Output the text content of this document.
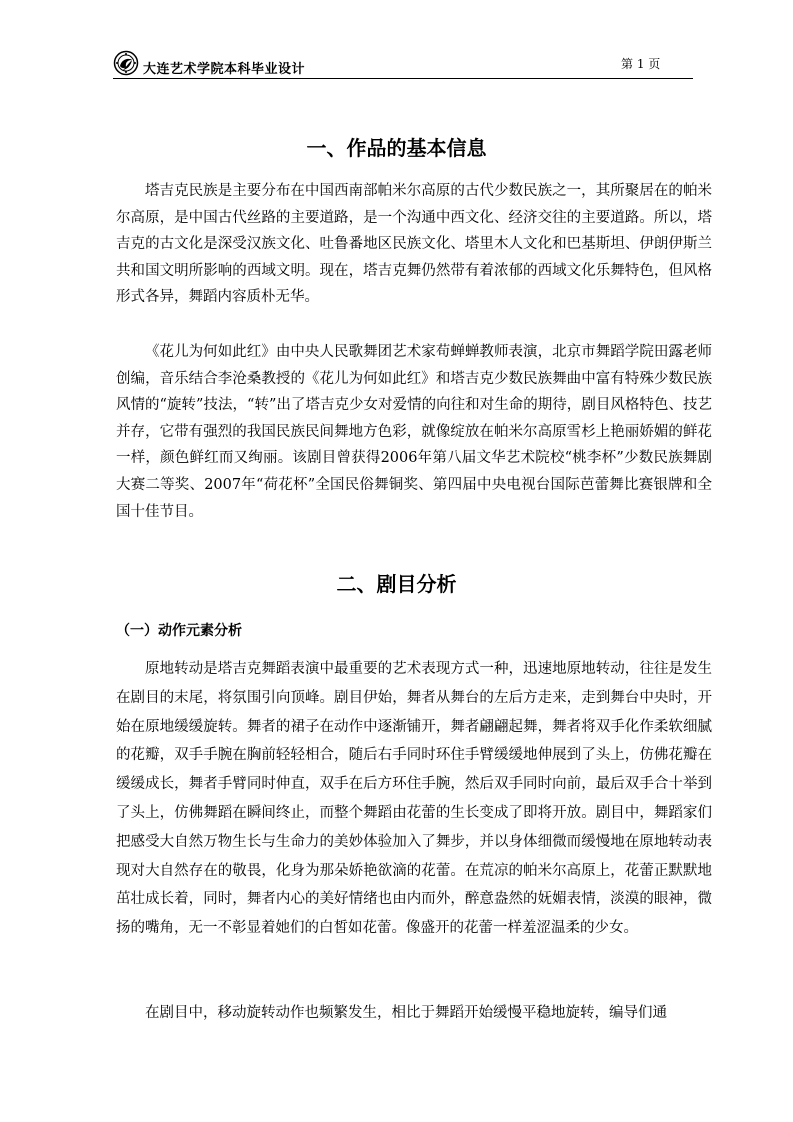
大连艺术学院本科毕业设计	第 1 页
一、作品的基本信息

塔吉克民族是主要分布在中国西南部帕米尔高原的古代少数民族之一，其所聚居在的帕米尔高原，是中国古代丝路的主要道路，是一个沟通中西文化、经济交往的主要道路。所以，塔吉克的古文化是深受汉族文化、吐鲁番地区民族文化、塔里木人文化和巴基斯坦、伊朗伊斯兰共和国文明所影响的西域文明。现在，塔吉克舞仍然带有着浓郁的西域文化乐舞特色，但风格形式各异，舞蹈内容质朴无华。

《花儿为何如此红》由中央人民歌舞团艺术家苟蝉蝉教师表演，北京市舞蹈学院田露老师创编，音乐结合李沧桑教授的《花儿为何如此红》和塔吉克少数民族舞曲中富有特殊少数民族风情的“旋转”技法，“转”出了塔吉克少女对爱情的向往和对生命的期待，剧目风格特色、技艺并存，它带有强烈的我国民族民间舞地方色彩，就像绽放在帕米尔高原雪杉上艳丽娇媚的鲜花一样，颜色鲜红而又绚丽。该剧目曾获得2006年第八届文华艺术院校“桃李杯”少数民族舞剧大赛二等奖、2007年“荷花杯”全国民俗舞铜奖、第四届中央电视台国际芭蕾舞比赛银牌和全国十佳节目。

二、剧目分析
（一）动作元素分析

原地转动是塔吉克舞蹈表演中最重要的艺术表现方式一种，迅速地原地转动，往往是发生在剧目的末尾，将氛围引向顶峰。剧目伊始，舞者从舞台的左后方走来，走到舞台中央时，开始在原地缓缓旋转。舞者的裙子在动作中逐渐铺开，舞者翩翩起舞，舞者将双手化作柔软细腻的花瓣，双手手腕在胸前轻轻相合，随后右手同时环住手臂缓缓地伸展到了头上，仿佛花瓣在缓缓成长，舞者手臂同时伸直，双手在后方环住手腕，然后双手同时向前，最后双手合十举到了头上，仿佛舞蹈在瞬间终止，而整个舞蹈由花蕾的生长变成了即将开放。剧目中，舞蹈家们把感受大自然万物生长与生命力的美妙体验加入了舞步，并以身体细微而缓慢地在原地转动表现对大自然存在的敬畏，化身为那朵娇艳欲滴的花蕾。在荒凉的帕米尔高原上，花蕾正默默地茁壮成长着，同时，舞者内心的美好情绪也由内而外，醉意盎然的妩媚表情，淡漠的眼神，微扬的嘴角，无一不彰显着她们的白皙如花蕾。像盛开的花蕾一样羞涩温柔的少女。

在剧目中，移动旋转动作也频繁发生，相比于舞蹈开始缓慢平稳地旋转，编导们通
